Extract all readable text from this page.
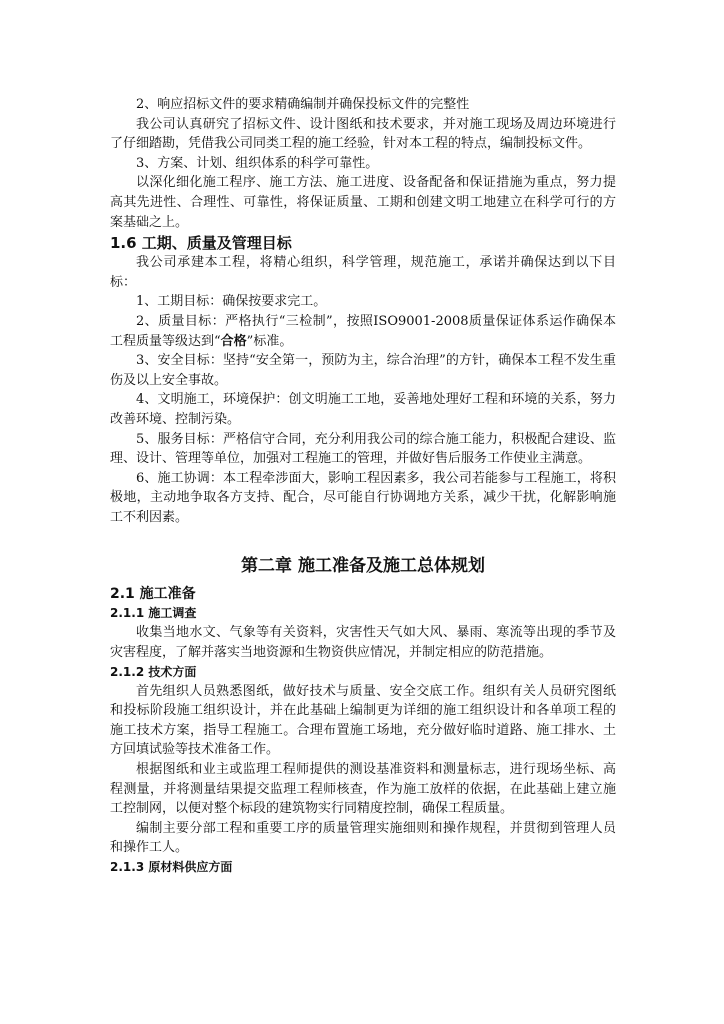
2、响应招标文件的要求精确编制并确保投标文件的完整性

我公司认真研究了招标文件、设计图纸和技术要求，并对施工现场及周边环境进行了仔细踏勘，凭借我公司同类工程的施工经验，针对本工程的特点，编制投标文件。

3、方案、计划、组织体系的科学可靠性。

以深化细化施工程序、施工方法、施工进度、设备配备和保证措施为重点，努力提高其先进性、合理性、可靠性，将保证质量、工期和创建文明工地建立在科学可行的方案基础之上。

1.6 工期、质量及管理目标

我公司承建本工程，将精心组织，科学管理，规范施工，承诺并确保达到以下目标：

1、工期目标：确保按要求完工。

2、质量目标：严格执行“三检制”，按照ISO9001-2008质量保证体系运作确保本工程质量等级达到“合格”标准。

3、安全目标：坚持“安全第一，预防为主，综合治理”的方针，确保本工程不发生重伤及以上安全事故。

4、文明施工，环境保护：创文明施工工地，妥善地处理好工程和环境的关系，努力改善环境、控制污染。

5、服务目标：严格信守合同，充分利用我公司的综合施工能力，积极配合建设、监理、设计、管理等单位，加强对工程施工的管理，并做好售后服务工作使业主满意。

6、施工协调：本工程牵涉面大，影响工程因素多，我公司若能参与工程施工，将积极地，主动地争取各方支持、配合，尽可能自行协调地方关系，减少干扰，化解影响施工不利因素。

第二章 施工准备及施工总体规划

2.1 施工准备

2.1.1 施工调查

收集当地水文、气象等有关资料，灾害性天气如大风、暴雨、寒流等出现的季节及灾害程度，了解并落实当地资源和生物资供应情况，并制定相应的防范措施。

2.1.2 技术方面

首先组织人员熟悉图纸，做好技术与质量、安全交底工作。组织有关人员研究图纸和投标阶段施工组织设计，并在此基础上编制更为详细的施工组织设计和各单项工程的施工技术方案，指导工程施工。合理布置施工场地，充分做好临时道路、施工排水、土方回填试验等技术准备工作。

根据图纸和业主或监理工程师提供的测设基准资料和测量标志，进行现场坐标、高程测量，并将测量结果提交监理工程师核查，作为施工放样的依据，在此基础上建立施工控制网，以便对整个标段的建筑物实行同精度控制，确保工程质量。

编制主要分部工程和重要工序的质量管理实施细则和操作规程，并贯彻到管理人员和操作工人。

2.1.3 原材料供应方面
